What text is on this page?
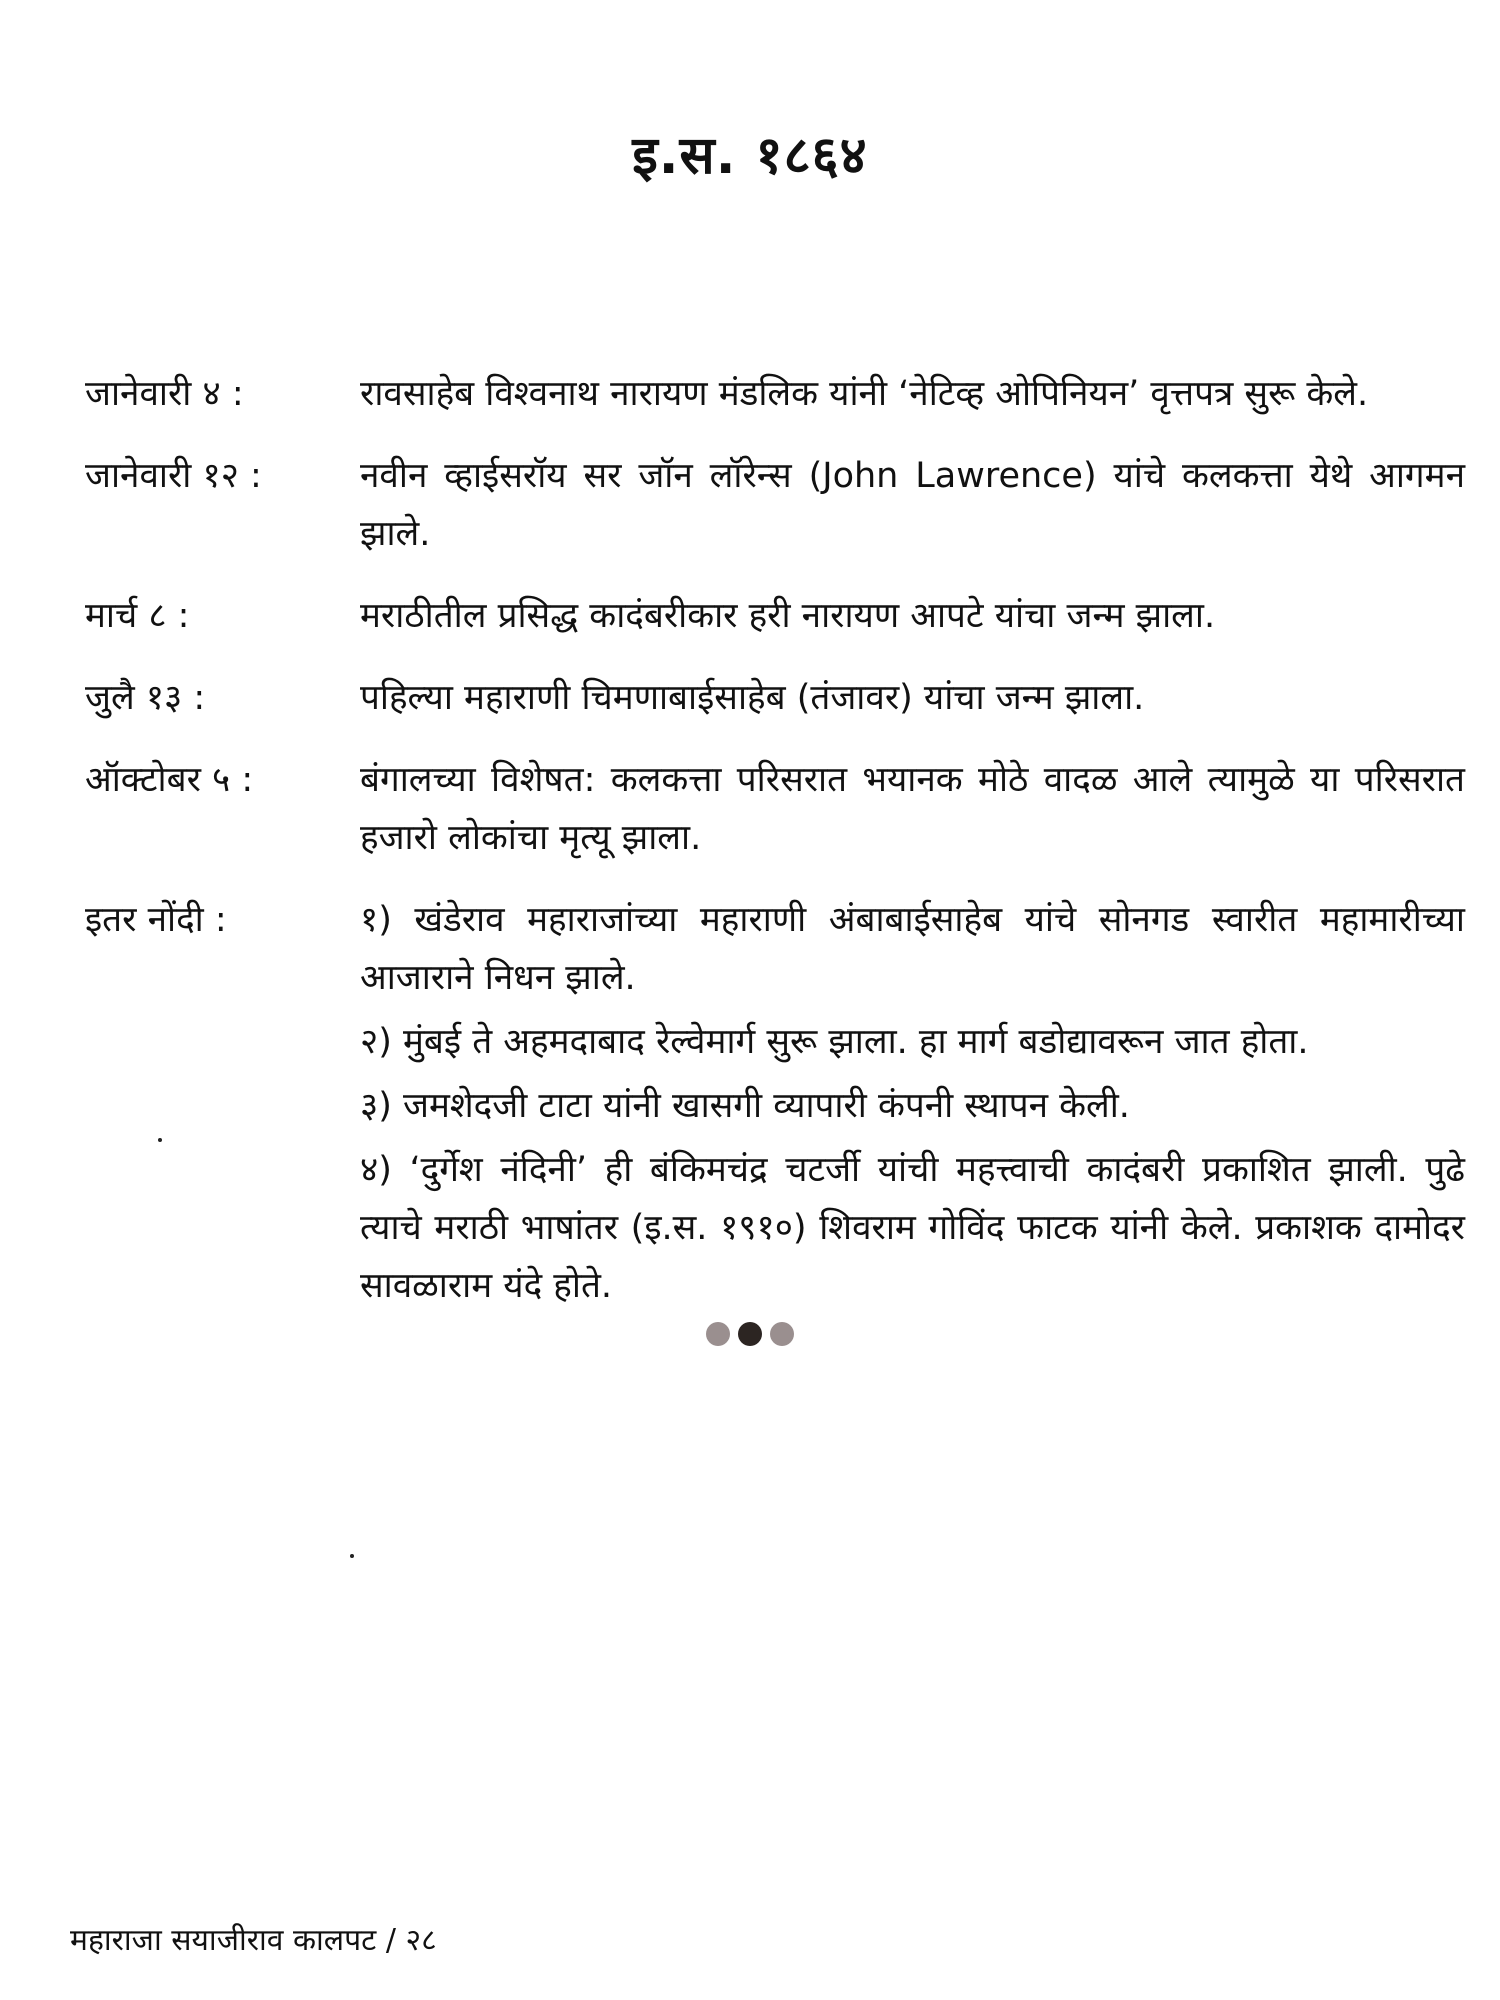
इ.स. १८६४
जानेवारी ४ :	रावसाहेब विश्वनाथ नारायण मंडलिक यांनी ‘नेटिव्ह ओपिनियन’ वृत्तपत्र सुरू केले.

जानेवारी १२ :	नवीन व्हाईसरॉय सर जॉन लॉरेन्स (John Lawrence) यांचे कलकत्ता येथे आगमन झाले.

मार्च ८ :	मराठीतील प्रसिद्ध कादंबरीकार हरी नारायण आपटे यांचा जन्म झाला.

जुलै १३ :	पहिल्या महाराणी चिमणाबाईसाहेब (तंजावर) यांचा जन्म झाला.

ऑक्टोबर ५ :	बंगालच्या विशेषत: कलकत्ता परिसरात भयानक मोठे वादळ आले त्यामुळे या परिसरात हजारो लोकांचा मृत्यू झाला.

इतर नोंदी :	१) खंडेराव महाराजांच्या महाराणी अंबाबाईसाहेब यांचे सोनगड स्वारीत महामारीच्या आजाराने निधन झाले.

२) मुंबई ते अहमदाबाद रेल्वेमार्ग सुरू झाला. हा मार्ग बडोद्यावरून जात होता.

३) जमशेदजी टाटा यांनी खासगी व्यापारी कंपनी स्थापन केली.

४) ‘दुर्गेश नंदिनी’ ही बंकिमचंद्र चटर्जी यांची महत्त्वाची कादंबरी प्रकाशित झाली. पुढे त्याचे मराठी भाषांतर (इ.स. १९१०) शिवराम गोविंद फाटक यांनी केले. प्रकाशक दामोदर सावळाराम यंदे होते.

महाराजा सयाजीराव कालपट / २८
